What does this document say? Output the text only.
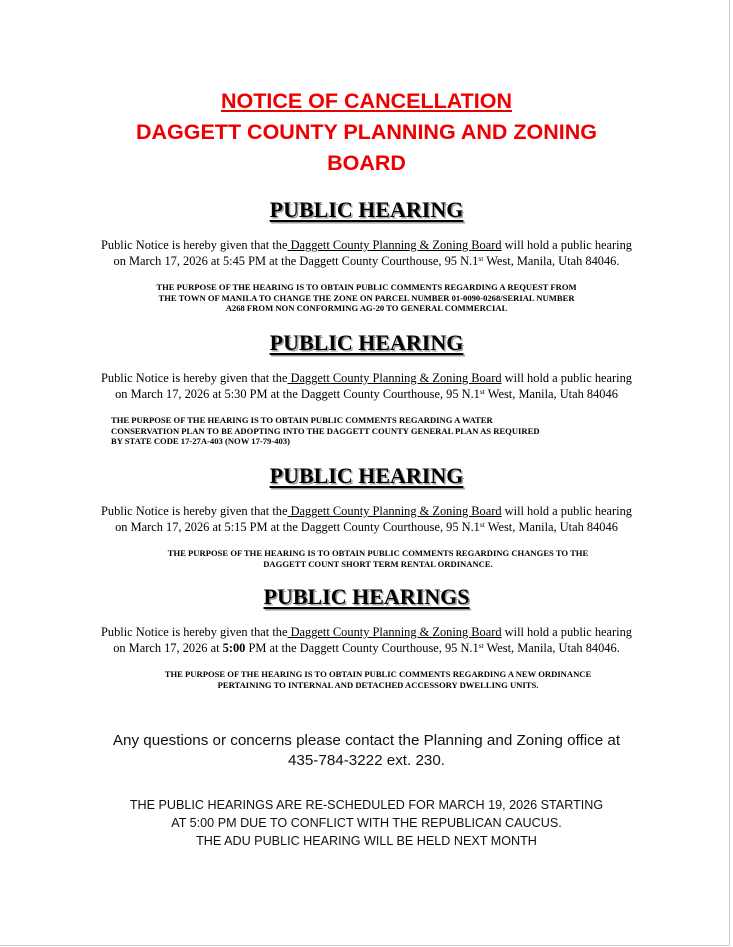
NOTICE OF CANCELLATION
DAGGETT COUNTY PLANNING AND ZONING
BOARD
PUBLIC HEARING
Public Notice is hereby given that the Daggett County Planning & Zoning Board will hold a public hearing
on March 17, 2026 at 5:45 PM at the Daggett County Courthouse, 95 N.1st West, Manila, Utah 84046.
THE PURPOSE OF THE HEARING IS TO OBTAIN PUBLIC COMMENTS REGARDING A REQUEST FROM
THE TOWN OF MANILA TO CHANGE THE ZONE ON PARCEL NUMBER 01-0090-0268/SERIAL NUMBER
A268 FROM NON CONFORMING AG-20 TO GENERAL COMMERCIAL
PUBLIC HEARING
Public Notice is hereby given that the Daggett County Planning & Zoning Board will hold a public hearing
on March 17, 2026 at 5:30 PM at the Daggett County Courthouse, 95 N.1st West, Manila, Utah 84046
THE PURPOSE OF THE HEARING IS TO OBTAIN PUBLIC COMMENTS REGARDING A WATER
CONSERVATION PLAN TO BE ADOPTING INTO THE DAGGETT COUNTY GENERAL PLAN AS REQUIRED
BY STATE CODE 17-27A-403 (NOW 17-79-403)
PUBLIC HEARING
Public Notice is hereby given that the Daggett County Planning & Zoning Board will hold a public hearing
on March 17, 2026 at 5:15 PM at the Daggett County Courthouse, 95 N.1st West, Manila, Utah 84046
THE PURPOSE OF THE HEARING IS TO OBTAIN PUBLIC COMMENTS REGARDING CHANGES TO THE
DAGGETT COUNT SHORT TERM RENTAL ORDINANCE.
PUBLIC HEARINGS
Public Notice is hereby given that the Daggett County Planning & Zoning Board will hold a public hearing
on March 17, 2026 at 5:00 PM at the Daggett County Courthouse, 95 N.1st West, Manila, Utah 84046.
THE PURPOSE OF THE HEARING IS TO OBTAIN PUBLIC COMMENTS REGARDING A NEW ORDINANCE
PERTAINING TO INTERNAL AND DETACHED ACCESSORY DWELLING UNITS.
Any questions or concerns please contact the Planning and Zoning office at
435-784-3222 ext. 230.
THE PUBLIC HEARINGS ARE RE-SCHEDULED FOR MARCH 19, 2026 STARTING
AT 5:00 PM DUE TO CONFLICT WITH THE REPUBLICAN CAUCUS.
THE ADU PUBLIC HEARING WILL BE HELD NEXT MONTH
